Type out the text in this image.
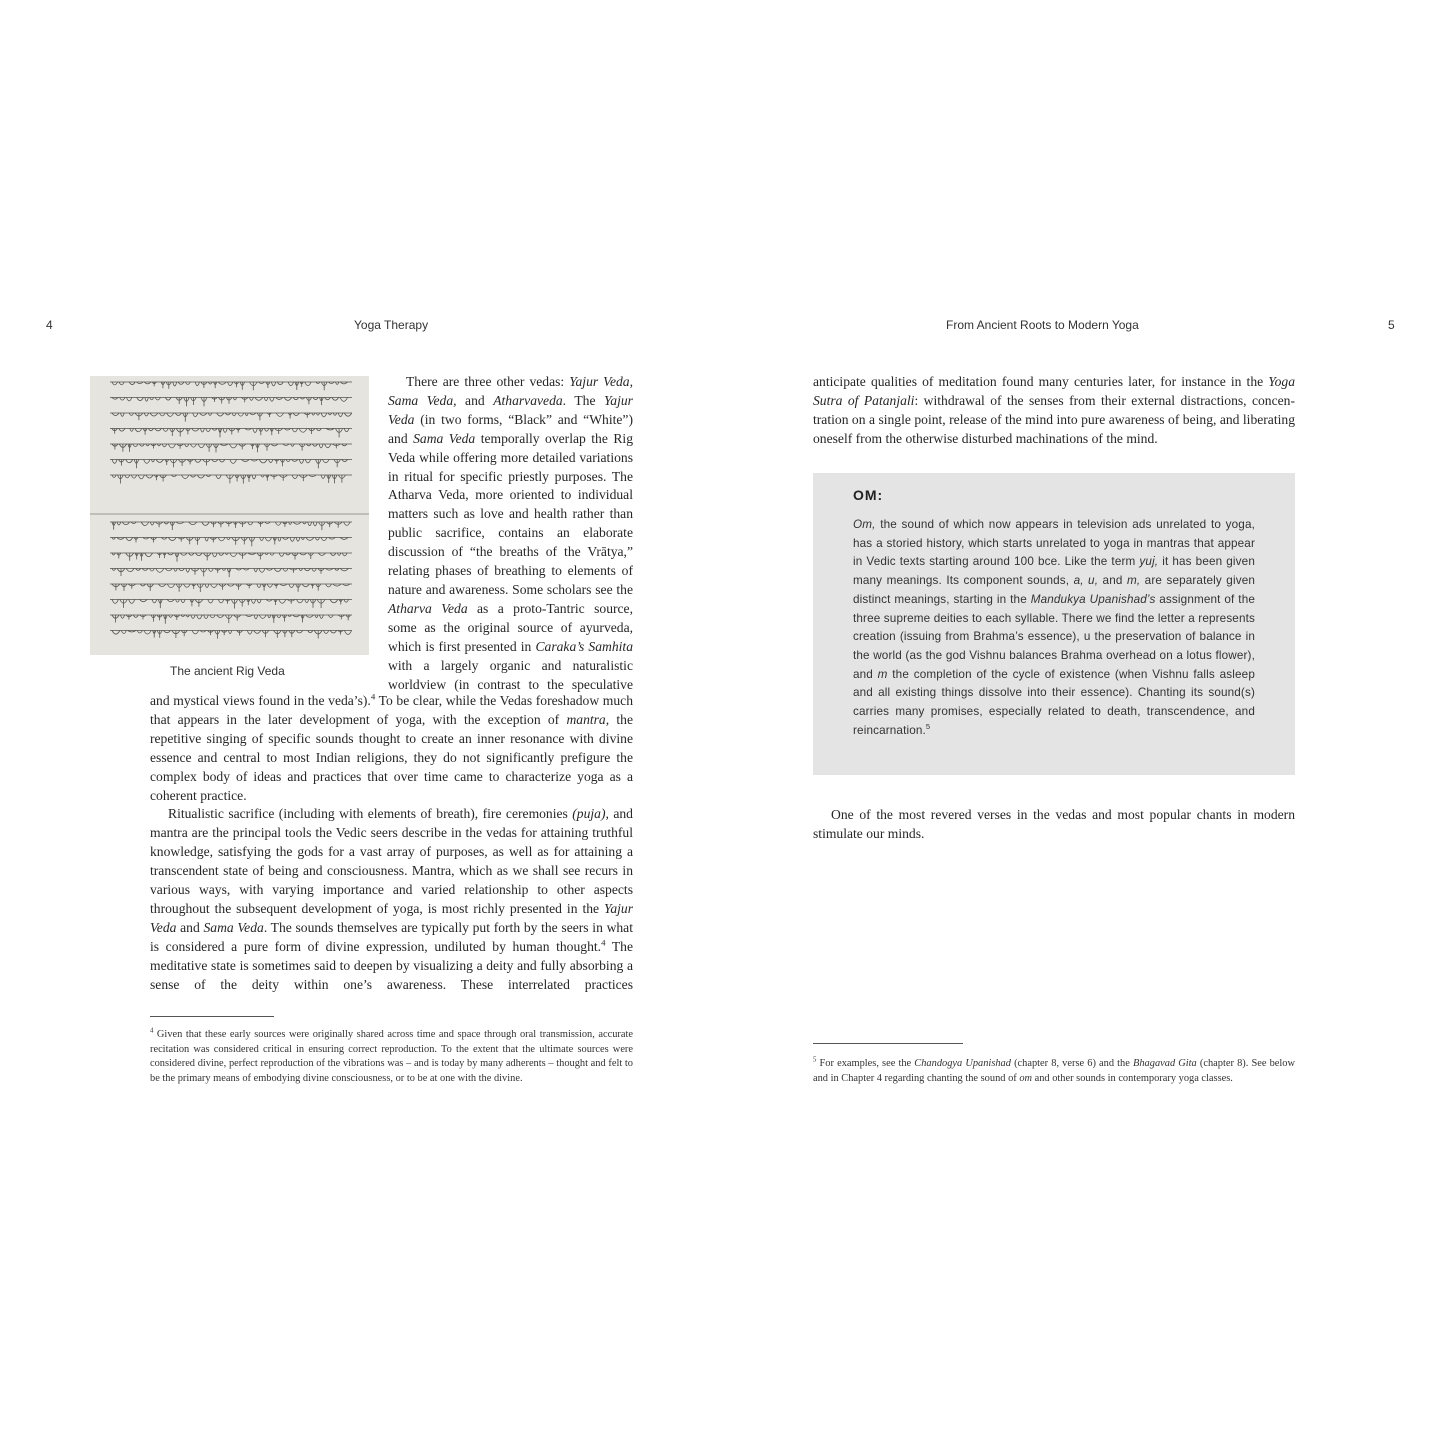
4	Yoga Therapy
The ancient Rig Veda

There are three other vedas: Yajur Veda, Sama Veda, and Atharvaveda. The Yajur Veda (in two forms, “Black” and “White”) and Sama Veda temporally overlap the Rig Veda while offering more detailed variations in ritual for specific priestly purposes. The Atharva Veda, more oriented to individual matters such as love and health rather than public sacrifice, contains an elaborate discussion of “the breaths of the Vrātya,” relating phases of breathing to elements of nature and awareness. Some scholars see the Atharva Veda as a proto-Tantric source, some as the original source of ayurveda, which is first presented in Caraka’s Samhita with a largely organic and naturalistic worldview (in contrast to the speculative

and mystical views found in the veda’s).$^4$ To be clear, while the Vedas foreshadow much that appears in the later development of yoga, with the exception of mantra, the repetitive singing of specific sounds thought to create an inner resonance with divine essence and central to most Indian religions, they do not significantly prefigure the complex body of ideas and practices that over time came to characterize yoga as a coherent practice.

Ritualistic sacrifice (including with elements of breath), fire ceremonies (puja), and mantra are the principal tools the Vedic seers describe in the vedas for attaining truthful knowledge, satisfying the gods for a vast array of purposes, as well as for attaining a transcendent state of being and consciousness. Mantra, which as we shall see recurs in various ways, with varying importance and varied relationship to other aspects throughout the subsequent development of yoga, is most richly presented in the Yajur Veda and Sama Veda. The sounds themselves are typically put forth by the seers in what is considered a pure form of divine expression, undiluted by human thought.$^4$ The meditative state is sometimes said to deepen by visualizing a deity and fully absorbing a sense of the deity within one’s awareness. These interrelated practices

$^4$ Given that these early sources were originally shared across time and space through oral transmission, accurate recitation was considered critical in ensuring correct reproduction. To the extent that the ultimate sources were considered divine, perfect reproduction of the vibrations was – and is today by many adherents – thought and felt to be the primary means of embodying divine consciousness, or to be at one with the divine.

From Ancient Roots to Modern Yoga	5

anticipate qualities of meditation found many centuries later, for instance in the Yoga Sutra of Patanjali: withdrawal of the senses from their external distractions, concentration on a single point, release of the mind into pure awareness of being, and liberating oneself from the otherwise disturbed machinations of the mind.

OM:

Om, the sound of which now appears in television ads unrelated to yoga, has a storied history, which starts unrelated to yoga in mantras that appear in Vedic texts starting around 100 bce. Like the term yuj, it has been given many meanings. Its component sounds, a, u, and m, are separately given distinct meanings, starting in the Mandukya Upanishad’s assignment of the three supreme deities to each syllable. There we find the letter a represents creation (issuing from Brahma’s essence), u the preservation of balance in the world (as the god Vishnu balances Brahma overhead on a lotus flower), and m the completion of the cycle of existence (when Vishnu falls asleep and all existing things dissolve into their essence). Chanting its sound(s) carries many promises, especially related to death, transcendence, and reincarnation.$^5$

One of the most revered verses in the vedas and most popular chants in modern stimulate our minds.

$^5$ For examples, see the Chandogya Upanishad (chapter 8, verse 6) and the Bhagavad Gita (chapter 8). See below and in Chapter 4 regarding chanting the sound of om and other sounds in contemporary yoga classes.
